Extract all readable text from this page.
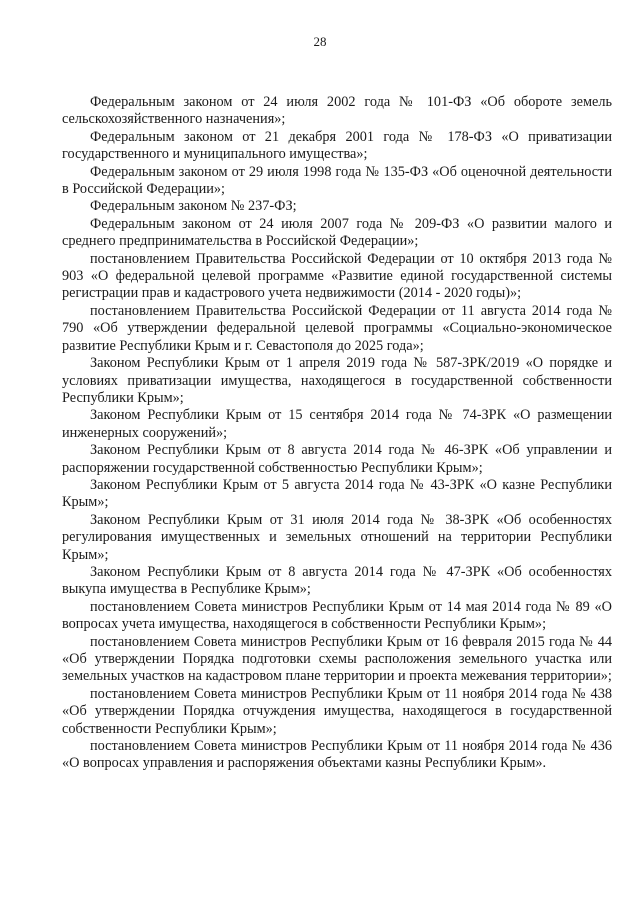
28

Федеральным законом от 24 июля 2002 года № 101-ФЗ «Об обороте земель сельскохозяйственного назначения»;

Федеральным законом от 21 декабря 2001 года № 178-ФЗ «О приватизации государственного и муниципального имущества»;

Федеральным законом от 29 июля 1998 года № 135-ФЗ «Об оценочной деятельности в Российской Федерации»;

Федеральным законом № 237-ФЗ;

Федеральным законом от 24 июля 2007 года № 209-ФЗ «О развитии малого и среднего предпринимательства в Российской Федерации»;

постановлением Правительства Российской Федерации от 10 октября 2013 года № 903 «О федеральной целевой программе «Развитие единой государственной системы регистрации прав и кадастрового учета недвижимости (2014 - 2020 годы)»;

постановлением Правительства Российской Федерации от 11 августа 2014 года № 790 «Об утверждении федеральной целевой программы «Социально-экономическое развитие Республики Крым и г. Севастополя до 2025 года»;

Законом Республики Крым от 1 апреля 2019 года № 587-ЗРК/2019 «О порядке и условиях приватизации имущества, находящегося в государственной собственности Республики Крым»;

Законом Республики Крым от 15 сентября 2014 года № 74-ЗРК «О размещении инженерных сооружений»;

Законом Республики Крым от 8 августа 2014 года № 46-ЗРК «Об управлении и распоряжении государственной собственностью Республики Крым»;

Законом Республики Крым от 5 августа 2014 года № 43-ЗРК «О казне Республики Крым»;

Законом Республики Крым от 31 июля 2014 года № 38-ЗРК «Об особенностях регулирования имущественных и земельных отношений на территории Республики Крым»;

Законом Республики Крым от 8 августа 2014 года № 47-ЗРК «Об особенностях выкупа имущества в Республике Крым»;

постановлением Совета министров Республики Крым от 14 мая 2014 года № 89 «О вопросах учета имущества, находящегося в собственности Республики Крым»;

постановлением Совета министров Республики Крым от 16 февраля 2015 года № 44 «Об утверждении Порядка подготовки схемы расположения земельного участка или земельных участков на кадастровом плане территории и проекта межевания территории»;

постановлением Совета министров Республики Крым от 11 ноября 2014 года № 438 «Об утверждении Порядка отчуждения имущества, находящегося в государственной собственности Республики Крым»;

постановлением Совета министров Республики Крым от 11 ноября 2014 года № 436 «О вопросах управления и распоряжения объектами казны Республики Крым».
